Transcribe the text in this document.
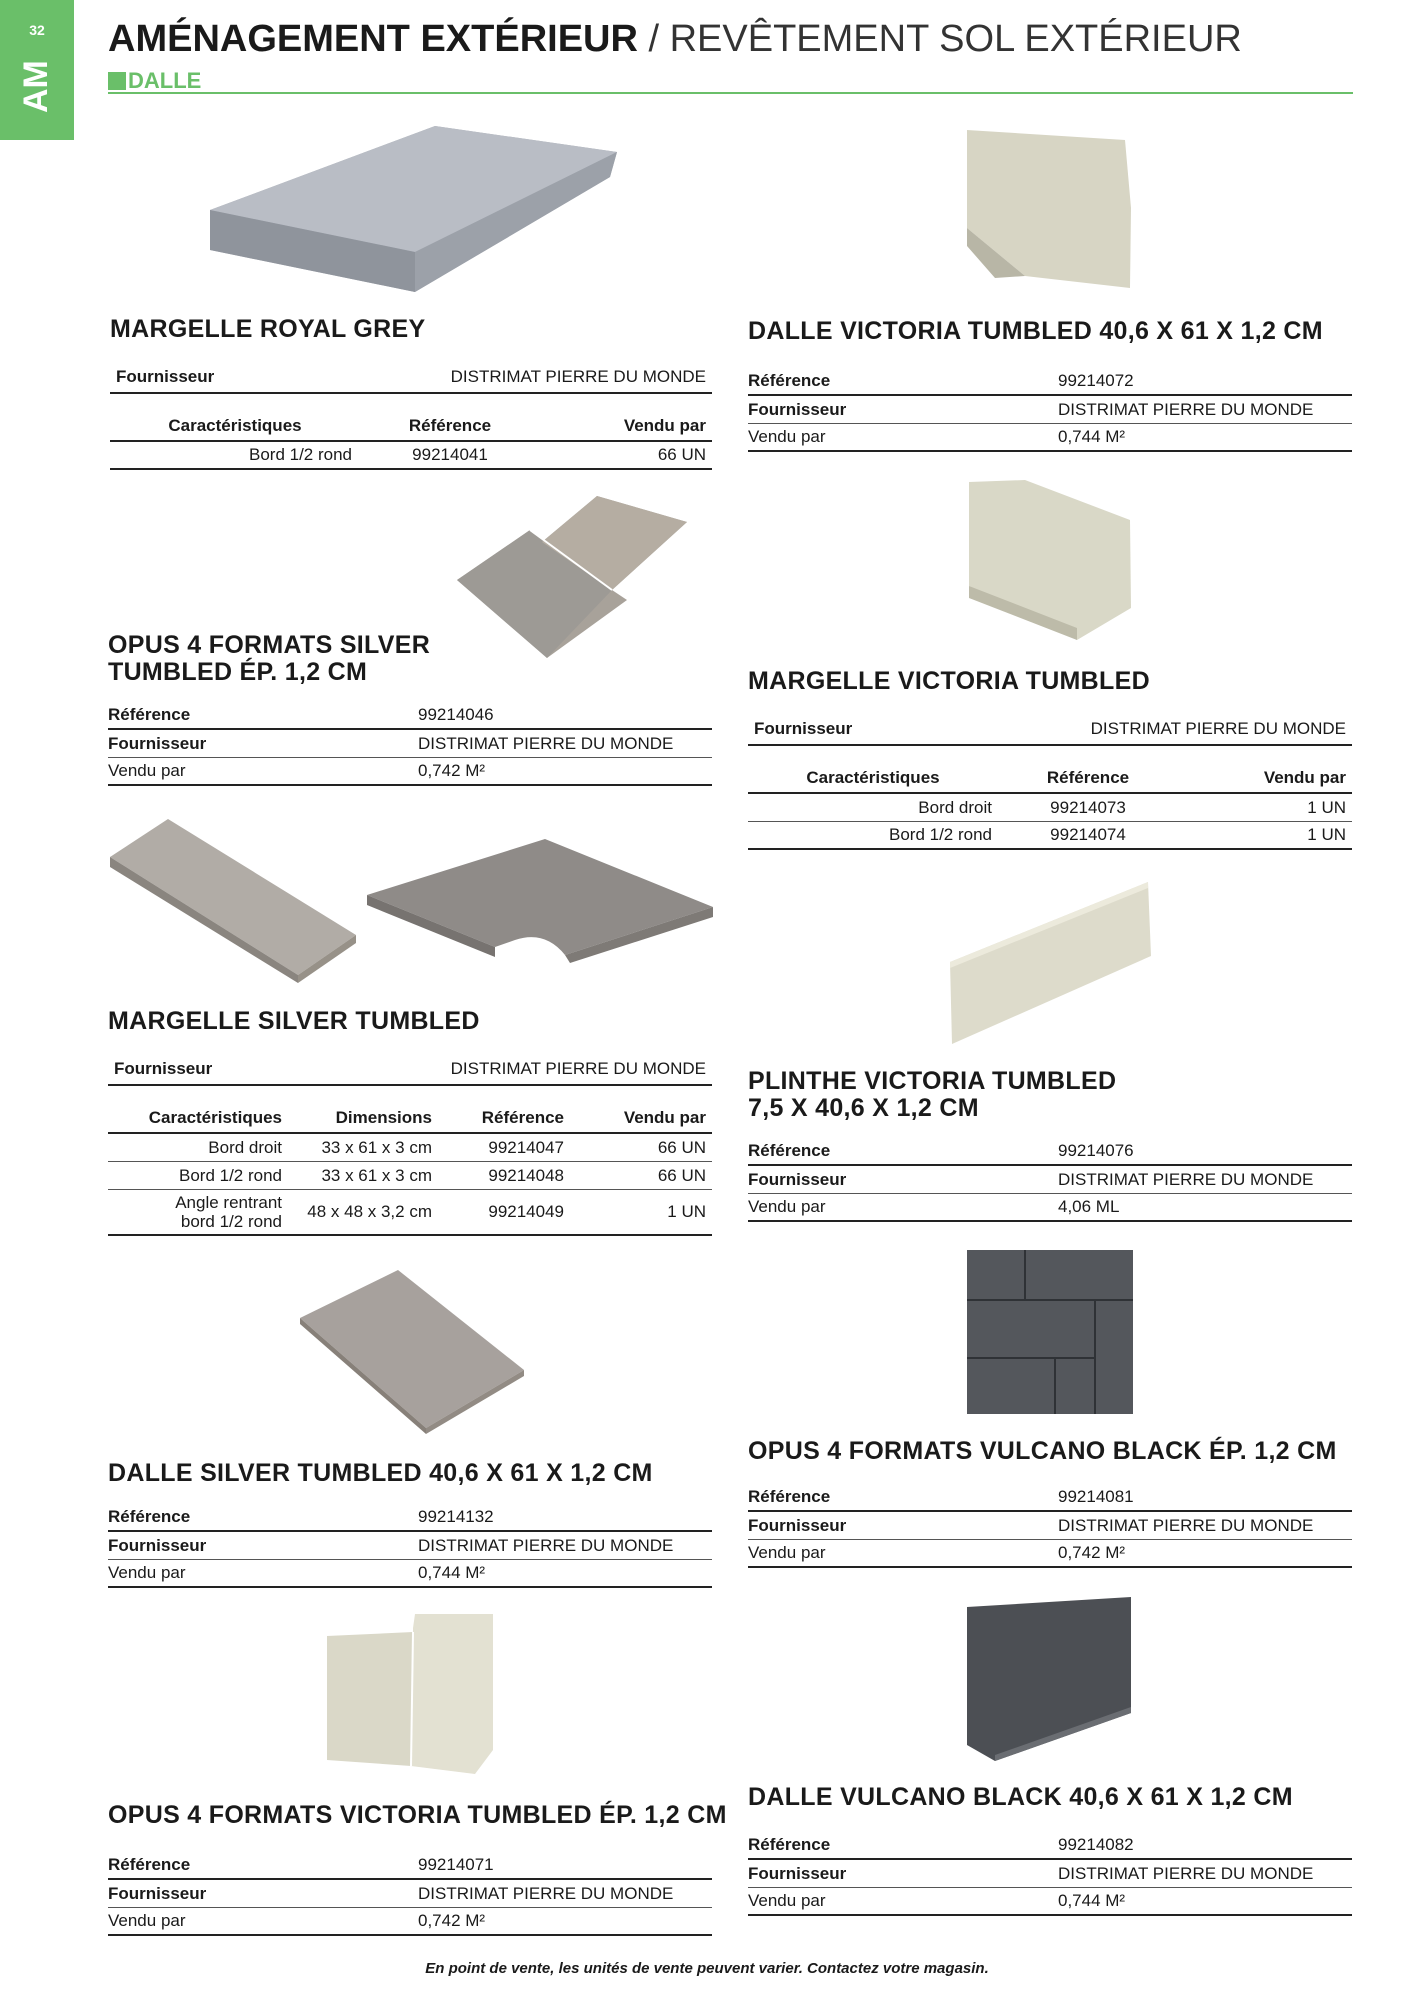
32
AM
AMÉNAGEMENT EXTÉRIEUR / REVÊTEMENT SOL EXTÉRIEUR
DALLE
MARGELLE ROYAL GREY
Fournisseur	DISTRIMAT PIERRE DU MONDE
Caractéristiques	Référence	Vendu par
Bord 1/2 rond	99214041	66 UN
OPUS 4 FORMATS SILVER
TUMBLED ÉP. 1,2 CM
Référence	99214046
Fournisseur	DISTRIMAT PIERRE DU MONDE
Vendu par	0,742 M²
MARGELLE SILVER TUMBLED
Fournisseur	DISTRIMAT PIERRE DU MONDE
Caractéristiques	Dimensions	Référence	Vendu par
Bord droit	33 x 61 x 3 cm	99214047	66 UN
Bord 1/2 rond	33 x 61 x 3 cm	99214048	66 UN
Angle rentrant
bord 1/2 rond
48 x 48 x 3,2 cm	99214049	1 UN
DALLE SILVER TUMBLED 40,6 X 61 X 1,2 CM
Référence	99214132
Fournisseur	DISTRIMAT PIERRE DU MONDE
Vendu par	0,744 M²
OPUS 4 FORMATS VICTORIA TUMBLED ÉP. 1,2 CM
Référence	99214071
Fournisseur	DISTRIMAT PIERRE DU MONDE
Vendu par	0,742 M²
DALLE VICTORIA TUMBLED 40,6 X 61 X 1,2 CM
Référence	99214072
Fournisseur	DISTRIMAT PIERRE DU MONDE
Vendu par	0,744 M²
MARGELLE VICTORIA TUMBLED
Fournisseur	DISTRIMAT PIERRE DU MONDE
Caractéristiques	Référence	Vendu par
Bord droit	99214073	1 UN
Bord 1/2 rond	99214074	1 UN
PLINTHE VICTORIA TUMBLED
7,5 X 40,6 X 1,2 CM
Référence	99214076
Fournisseur	DISTRIMAT PIERRE DU MONDE
Vendu par	4,06 ML
OPUS 4 FORMATS VULCANO BLACK ÉP. 1,2 CM
Référence	99214081
Fournisseur	DISTRIMAT PIERRE DU MONDE
Vendu par	0,742 M²
DALLE VULCANO BLACK 40,6 X 61 X 1,2 CM
Référence	99214082
Fournisseur	DISTRIMAT PIERRE DU MONDE
Vendu par	0,744 M²
En point de vente, les unités de vente peuvent varier. Contactez votre magasin.
